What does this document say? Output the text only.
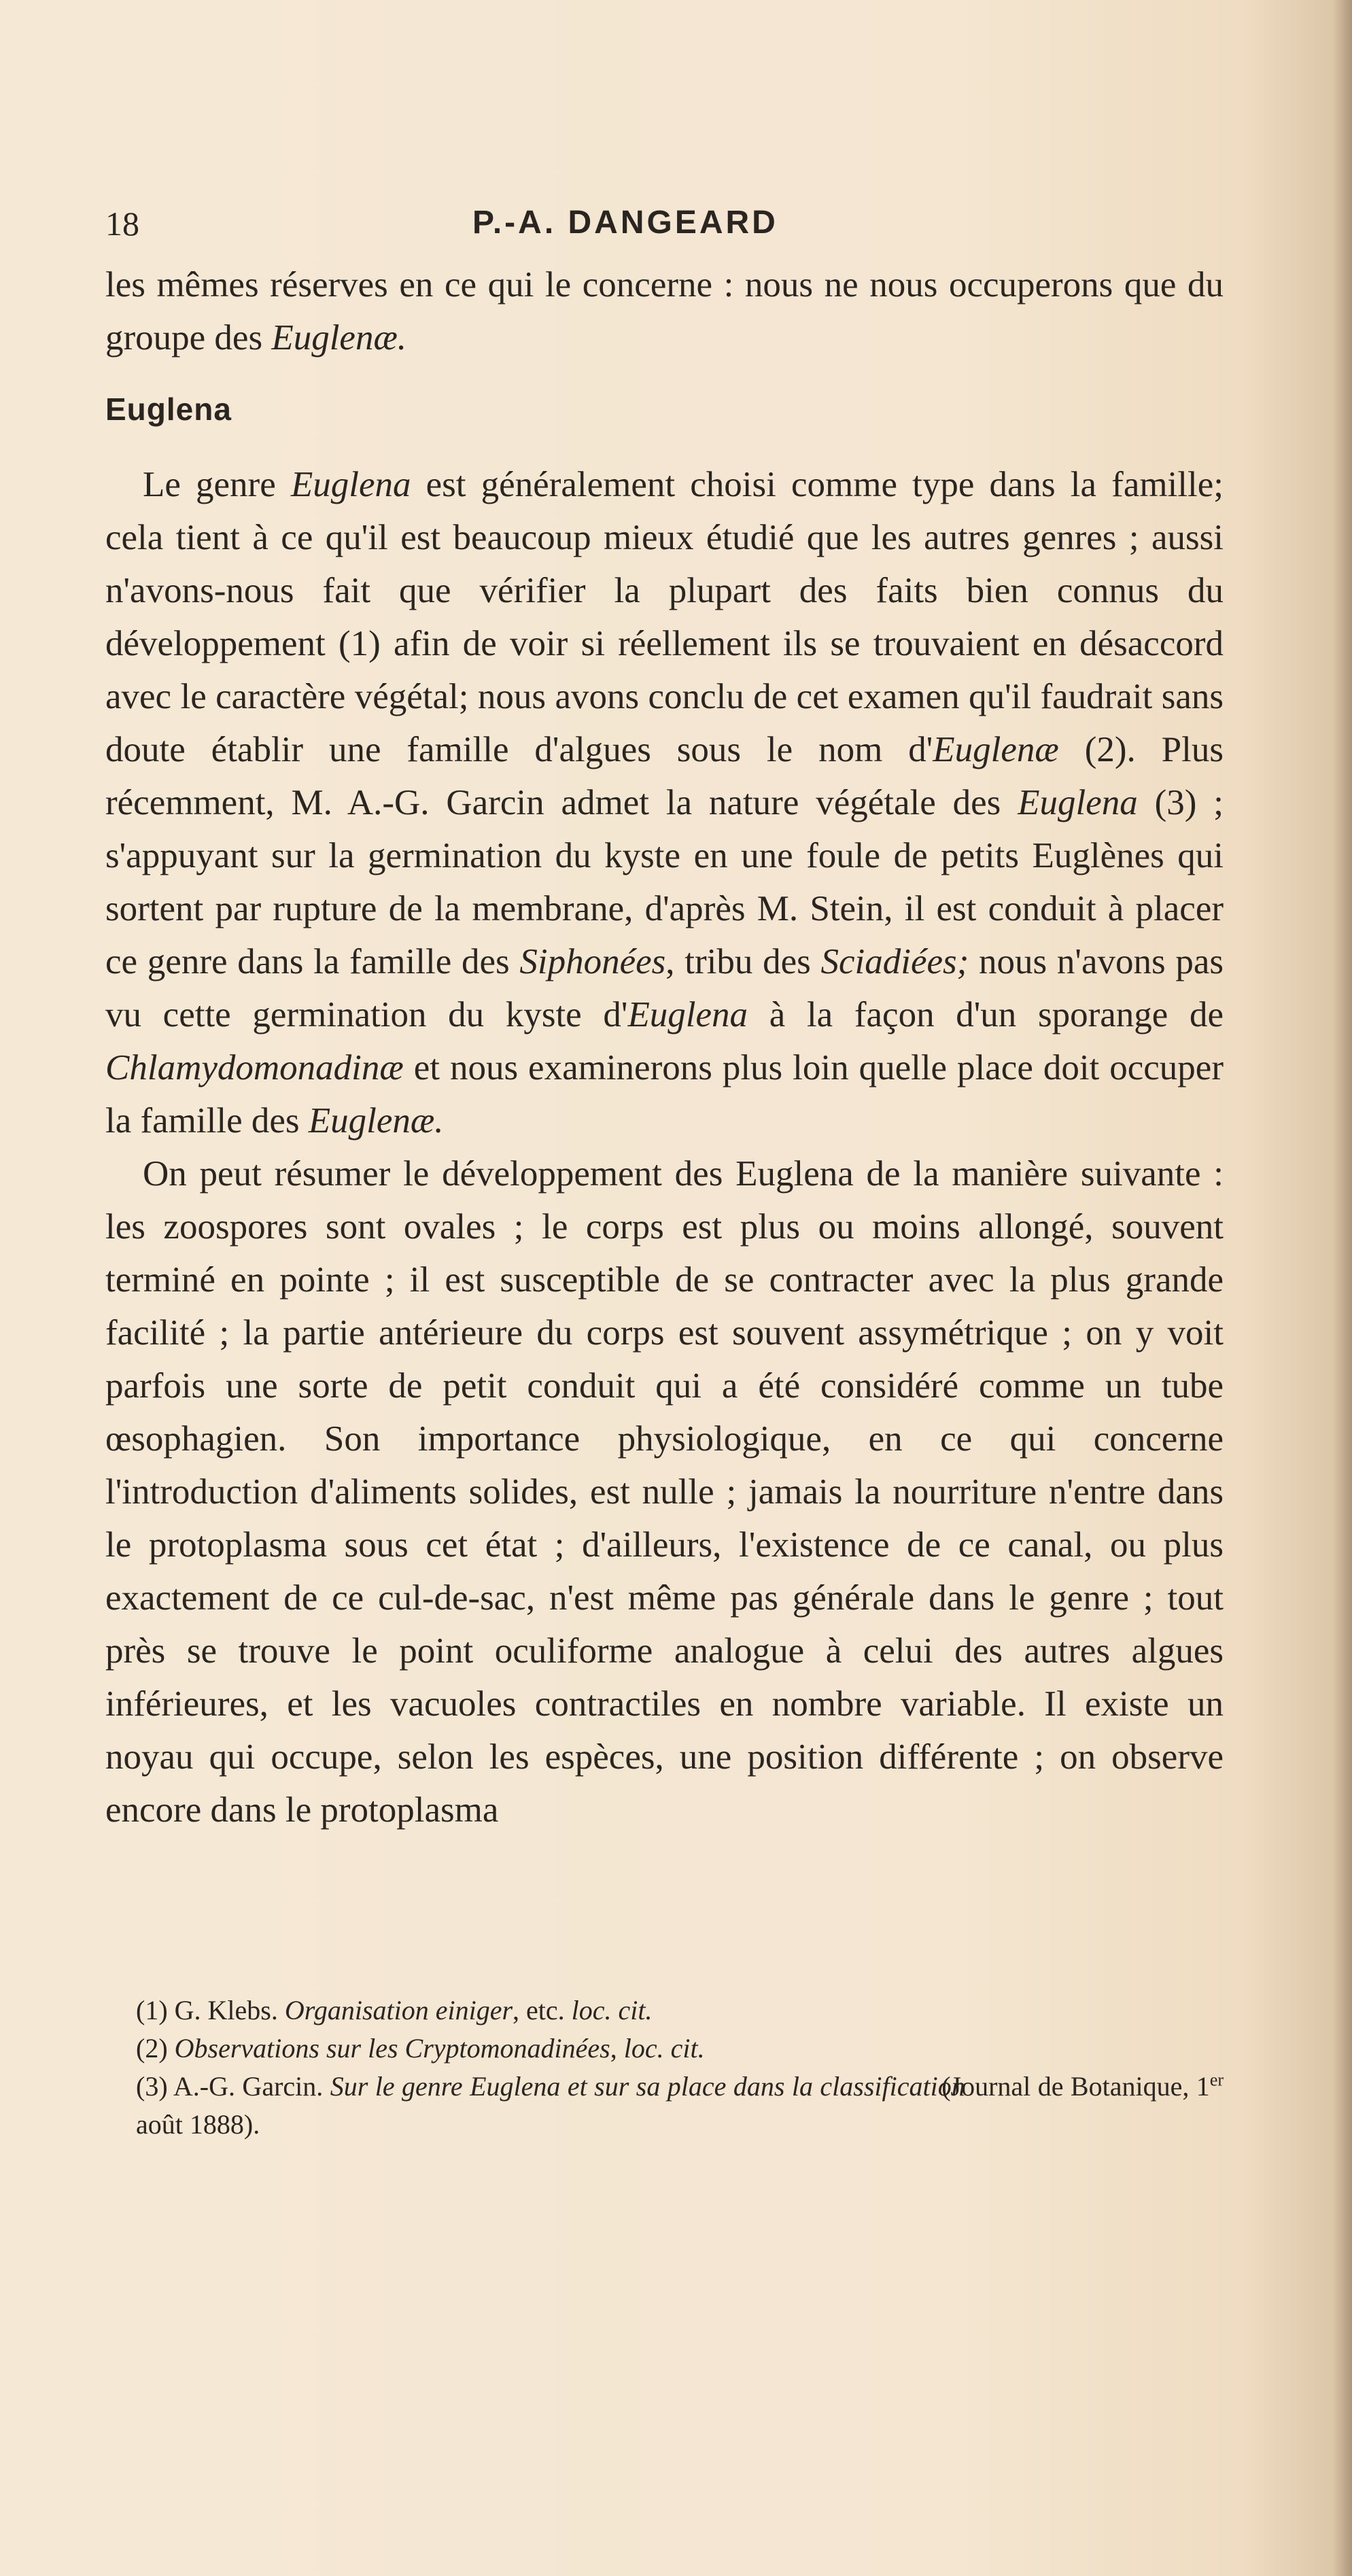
18	P.-A. DANGEARD

les mêmes réserves en ce qui le concerne : nous ne nous occuperons que du groupe des Euglenæ.

Euglena

Le genre Euglena est généralement choisi comme type dans la famille; cela tient à ce qu'il est beaucoup mieux étudié que les autres genres ; aussi n'avons-nous fait que vérifier la plupart des faits bien connus du développement (1) afin de voir si réellement ils se trouvaient en désaccord avec le caractère végétal; nous avons conclu de cet examen qu'il faudrait sans doute établir une famille d'algues sous le nom d'Euglenæ (2). Plus récemment, M. A.-G. Garcin admet la nature végétale des Euglena (3) ; s'appuyant sur la germination du kyste en une foule de petits Euglènes qui sortent par rupture de la membrane, d'après M. Stein, il est conduit à placer ce genre dans la famille des Siphonées, tribu des Sciadiées; nous n'avons pas vu cette germination du kyste d'Euglena à la façon d'un sporange de Chlamydomonadinæ et nous examinerons plus loin quelle place doit occuper la famille des Euglenæ.

On peut résumer le développement des Euglena de la manière suivante : les zoospores sont ovales ; le corps est plus ou moins allongé, souvent terminé en pointe ; il est susceptible de se contracter avec la plus grande facilité ; la partie antérieure du corps est souvent assymétrique ; on y voit parfois une sorte de petit conduit qui a été considéré comme un tube œsophagien. Son importance physiologique, en ce qui concerne l'introduction d'aliments solides, est nulle ; jamais la nourriture n'entre dans le protoplasma sous cet état ; d'ailleurs, l'existence de ce canal, ou plus exactement de ce cul-de-sac, n'est même pas générale dans le genre ; tout près se trouve le point oculiforme analogue à celui des autres algues inférieures, et les vacuoles contractiles en nombre variable. Il existe un noyau qui occupe, selon les espèces, une position différente ; on observe encore dans le protoplasma

(1) G. Klebs. Organisation einiger, etc. loc. cit.

(2) Observations sur les Cryptomonadinées, loc. cit.

(3) A.-G. Garcin. Sur le genre Euglena et sur sa place dans la classification (Journal de Botanique, 1er août 1888).
